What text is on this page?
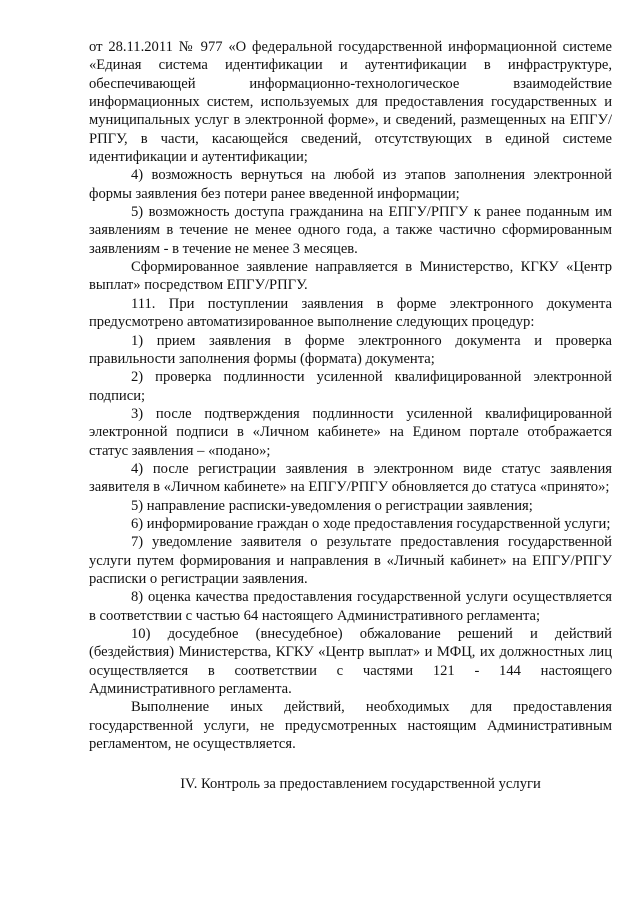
от 28.11.2011 № 977 «О федеральной государственной информационной системе «Единая система идентификации и аутентификации в инфраструктуре, обеспечивающей информационно-технологическое взаимодействие информационных систем, используемых для предоставления государственных и муниципальных услуг в электронной форме», и сведений, размещенных на ЕПГУ/РПГУ, в части, касающейся сведений, отсутствующих в единой системе идентификации и аутентификации;

4) возможность вернуться на любой из этапов заполнения электронной формы заявления без потери ранее введенной информации;

5) возможность доступа гражданина на ЕПГУ/РПГУ к ранее поданным им заявлениям в течение не менее одного года, а также частично сформированным заявлениям - в течение не менее 3 месяцев.

Сформированное заявление направляется в Министерство, КГКУ «Центр выплат» посредством ЕПГУ/РПГУ.

111. При поступлении заявления в форме электронного документа предусмотрено автоматизированное выполнение следующих процедур:

1) прием заявления в форме электронного документа и проверка правильности заполнения формы (формата) документа;

2) проверка подлинности усиленной квалифицированной электронной подписи;

3) после подтверждения подлинности усиленной квалифицированной электронной подписи в «Личном кабинете» на Едином портале отображается статус заявления – «подано»;

4) после регистрации заявления в электронном виде статус заявления заявителя в «Личном кабинете» на ЕПГУ/РПГУ обновляется до статуса «принято»;

5) направление расписки-уведомления о регистрации заявления;

6) информирование граждан о ходе предоставления государственной услуги;

7) уведомление заявителя о результате предоставления государственной услуги путем формирования и направления в «Личный кабинет» на ЕПГУ/РПГУ расписки о регистрации заявления.

8) оценка качества предоставления государственной услуги осуществляется в соответствии с частью 64 настоящего Административного регламента;

10) досудебное (внесудебное) обжалование решений и действий (бездействия) Министерства, КГКУ «Центр выплат» и МФЦ, их должностных лиц осуществляется в соответствии с частями 121 - 144 настоящего Административного регламента.

Выполнение иных действий, необходимых для предоставления государственной услуги, не предусмотренных настоящим Административным регламентом, не осуществляется.

IV. Контроль за предоставлением государственной услуги
